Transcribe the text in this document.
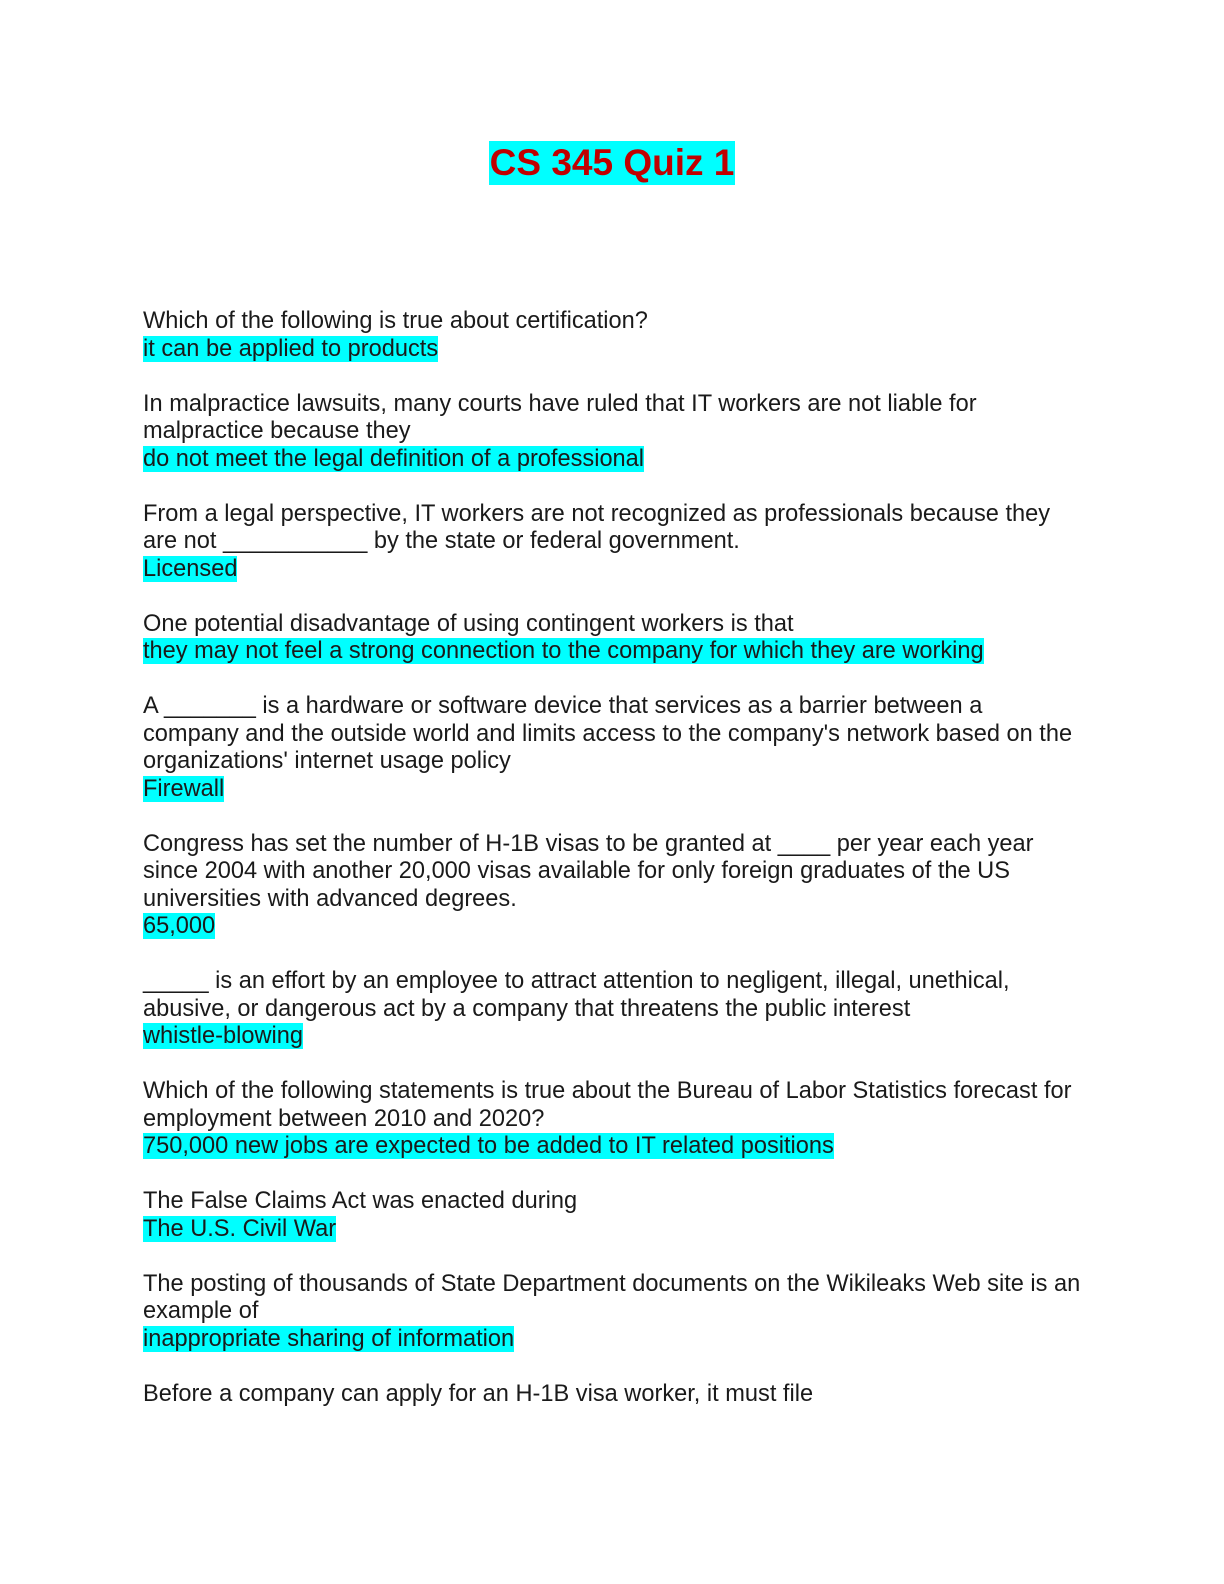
CS 345 Quiz 1
Which of the following is true about certification?
it can be applied to products
In malpractice lawsuits, many courts have ruled that IT workers are not liable for malpractice because they
do not meet the legal definition of a professional
From a legal perspective, IT workers are not recognized as professionals because they are not ___________ by the state or federal government.
Licensed
One potential disadvantage of using contingent workers is that
they may not feel a strong connection to the company for which they are working
A _______ is a hardware or software device that services as a barrier between a company and the outside world and limits access to the company's network based on the organizations' internet usage policy
Firewall
Congress has set the number of H-1B visas to be granted at ____ per year each year since 2004 with another 20,000 visas available for only foreign graduates of the US universities with advanced degrees.
65,000
_____ is an effort by an employee to attract attention to negligent, illegal, unethical, abusive, or dangerous act by a company that threatens the public interest
whistle-blowing
Which of the following statements is true about the Bureau of Labor Statistics forecast for employment between 2010 and 2020?
750,000 new jobs are expected to be added to IT related positions
The False Claims Act was enacted during
The U.S. Civil War
The posting of thousands of State Department documents on the Wikileaks Web site is an example of
inappropriate sharing of information
Before a company can apply for an H-1B visa worker, it must file
